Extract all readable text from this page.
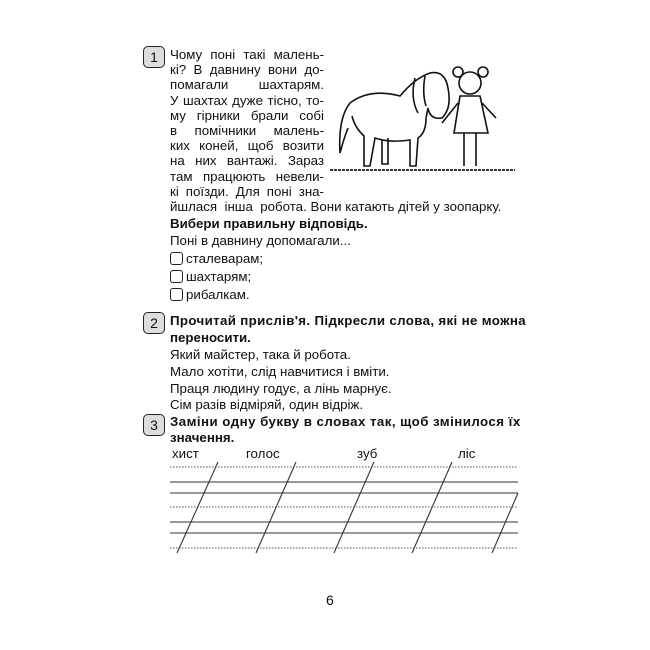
1 Чому поні такі малень-
кі? В давнину вони до-
помагали шахтарям.
У шахтах дуже тісно, то-
му гірники брали собі
в помічники малень-
ких коней, щоб возити
на них вантажі. Зараз
там працюють невели-
кі поїзди. Для поні зна-
йшлася  інша  робота. Вони катають дітей у зоопарку.
Вибери правильну відповідь.
Поні в давнину допомагали...
сталеварам;
шахтарям;
рибалкам.
2 Прочитай прислів'я. Підкресли слова, які не можна
переносити.
Який майстер, така й робота.
Мало хотіти, слід навчитися і вміти.
Праця людину годує, а лінь марнує.
Сім разів відміряй, один відріж.
3 Заміни одну букву в словах так, щоб змінилося їх
значення.
хист	голос	зуб	ліс
6
